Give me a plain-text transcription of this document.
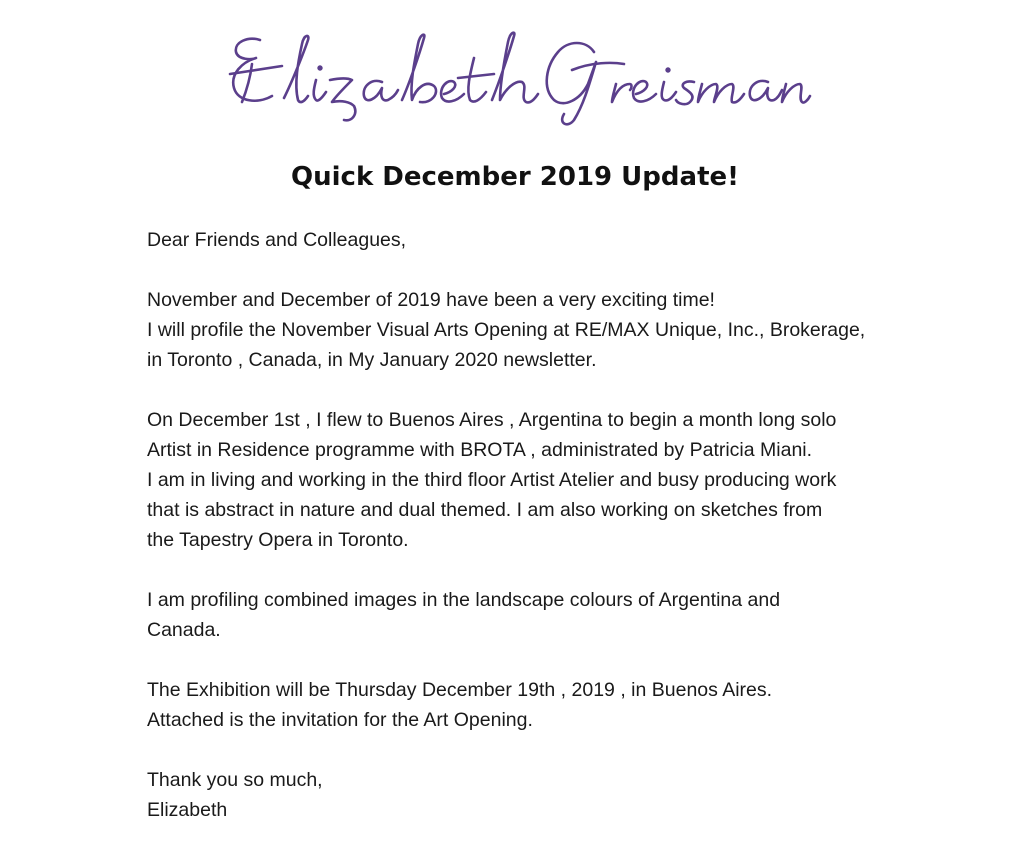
Quick December 2019 Update!
Dear Friends and Colleagues,
November and December of 2019 have been a very exciting time!
I will profile the November Visual Arts Opening at RE/MAX Unique, Inc., Brokerage,
in Toronto , Canada, in My January 2020 newsletter.
On December 1st , I flew to Buenos Aires , Argentina to begin a month long solo
Artist in Residence programme with BROTA , administrated by Patricia Miani.
I am in living and working in the third floor Artist Atelier and busy producing work
that is abstract in nature and dual themed. I am also working on sketches from
the Tapestry Opera in Toronto.
I am profiling combined images in the landscape colours of Argentina and
Canada.
The Exhibition will be Thursday December 19th , 2019 , in Buenos Aires.
Attached is the invitation for the Art Opening.
Thank you so much,
Elizabeth
